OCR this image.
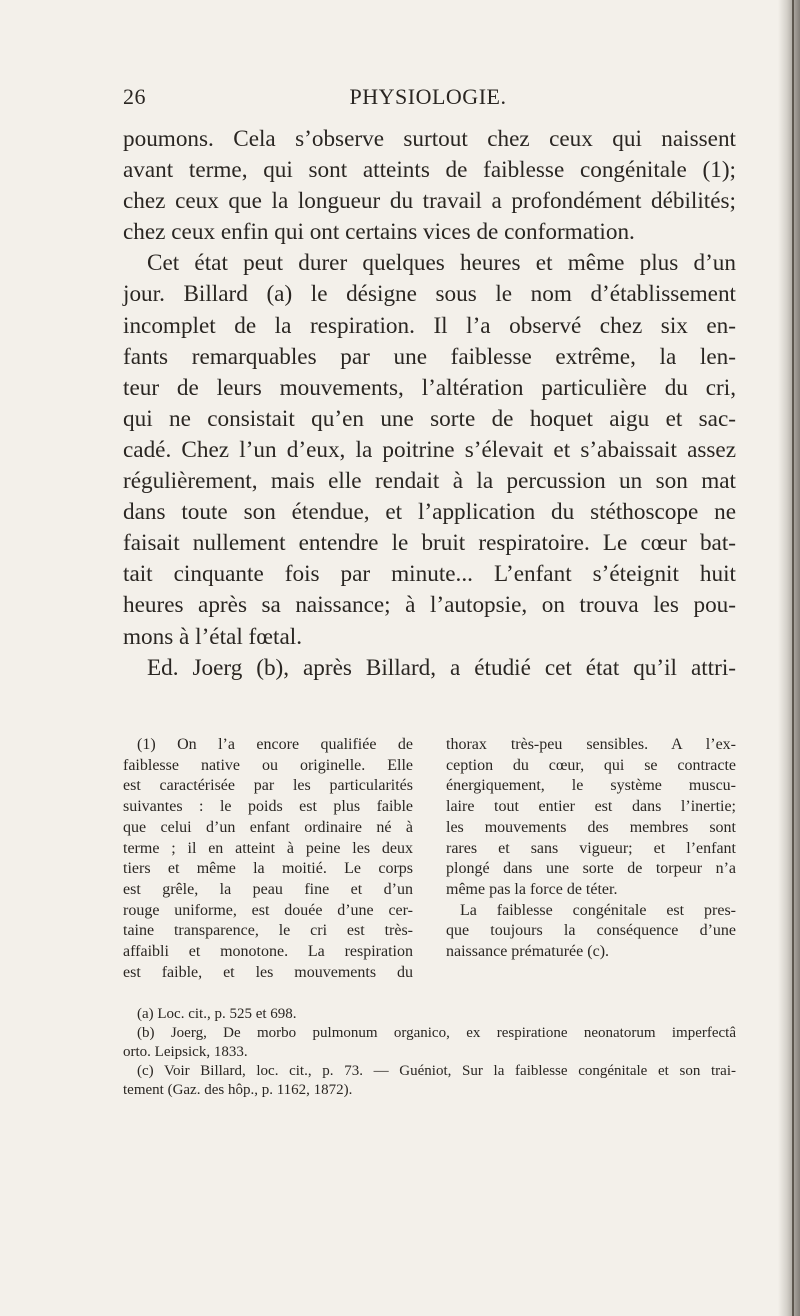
26	PHYSIOLOGIE.
poumons. Cela s’observe surtout chez ceux qui naissent
avant terme, qui sont atteints de faiblesse congénitale (1);
chez ceux que la longueur du travail a profondément débilités;
chez ceux enfin qui ont certains vices de conformation.
Cet état peut durer quelques heures et même plus d’un
jour. Billard (a) le désigne sous le nom d’établissement
incomplet de la respiration. Il l’a observé chez six en-
fants remarquables par une faiblesse extrême, la len-
teur de leurs mouvements, l’altération particulière du cri,
qui ne consistait qu’en une sorte de hoquet aigu et sac-
cadé. Chez l’un d’eux, la poitrine s’élevait et s’abaissait assez
régulièrement, mais elle rendait à la percussion un son mat
dans toute son étendue, et l’application du stéthoscope ne
faisait nullement entendre le bruit respiratoire. Le cœur bat-
tait cinquante fois par minute... L’enfant s’éteignit huit
heures après sa naissance; à l’autopsie, on trouva les pou-
mons à l’étal fœtal.
Ed. Joerg (b), après Billard, a étudié cet état qu’il attri-
(1) On l’a encore qualifiée de
faiblesse native ou originelle. Elle
est caractérisée par les particularités
suivantes : le poids est plus faible
que celui d’un enfant ordinaire né à
terme ; il en atteint à peine les deux
tiers et même la moitié. Le corps
est grêle, la peau fine et d’un
rouge uniforme, est douée d’une cer-
taine transparence, le cri est très-
affaibli et monotone. La respiration
est faible, et les mouvements du
thorax très-peu sensibles. A l’ex-
ception du cœur, qui se contracte
énergiquement, le système muscu-
laire tout entier est dans l’inertie;
les mouvements des membres sont
rares et sans vigueur; et l’enfant
plongé dans une sorte de torpeur n’a
même pas la force de téter.
La faiblesse congénitale est pres-
que toujours la conséquence d’une
naissance prématurée (c).
(a) Loc. cit., p. 525 et 698.
(b) Joerg, De morbo pulmonum organico, ex respiratione neonatorum imperfectâ
orto. Leipsick, 1833.
(c) Voir Billard, loc. cit., p. 73. — Guéniot, Sur la faiblesse congénitale et son trai-
tement (Gaz. des hôp., p. 1162, 1872).
